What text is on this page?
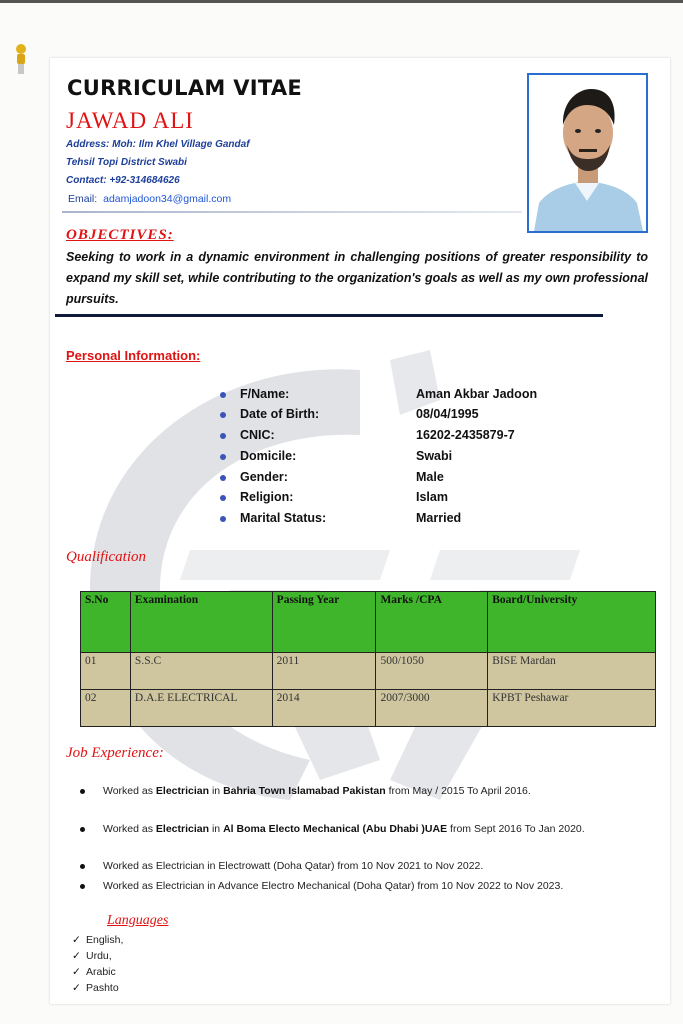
CURRICULAM VITAE
JAWAD ALI
Address: Moh: Ilm Khel Village Gandaf
Tehsil Topi District Swabi
Contact: +92-314684626
Email: adamjadoon34@gmail.com
OBJECTIVES:
Seeking to work in a dynamic environment in challenging positions of greater responsibility to expand my skill set, while contributing to the organization's goals as well as my own professional pursuits.
Personal Information:
F/Name:	Aman Akbar Jadoon
Date of Birth:	08/04/1995
CNIC:	16202-2435879-7
Domicile:	Swabi
Gender:	Male
Religion:	Islam
Marital Status:	Married
Qualification
S.No	Examination	Passing Year	Marks /CPA	Board/University
01	S.S.C	2011	500/1050	BISE Mardan
02	D.A.E ELECTRICAL	2014	2007/3000	KPBT Peshawar
Job Experience:
Worked as Electrician in Bahria Town Islamabad Pakistan from May / 2015 To April 2016.
Worked as Electrician in Al Boma Electo Mechanical (Abu Dhabi )UAE from Sept 2016 To Jan 2020.
Worked as Electrician in Electrowatt (Doha Qatar) from 10 Nov 2021 to Nov 2022.
Worked as Electrician in Advance Electro Mechanical (Doha Qatar) from 10 Nov 2022 to Nov 2023.
Languages
✓ English,
✓ Urdu,
✓ Arabic
✓ Pashto
